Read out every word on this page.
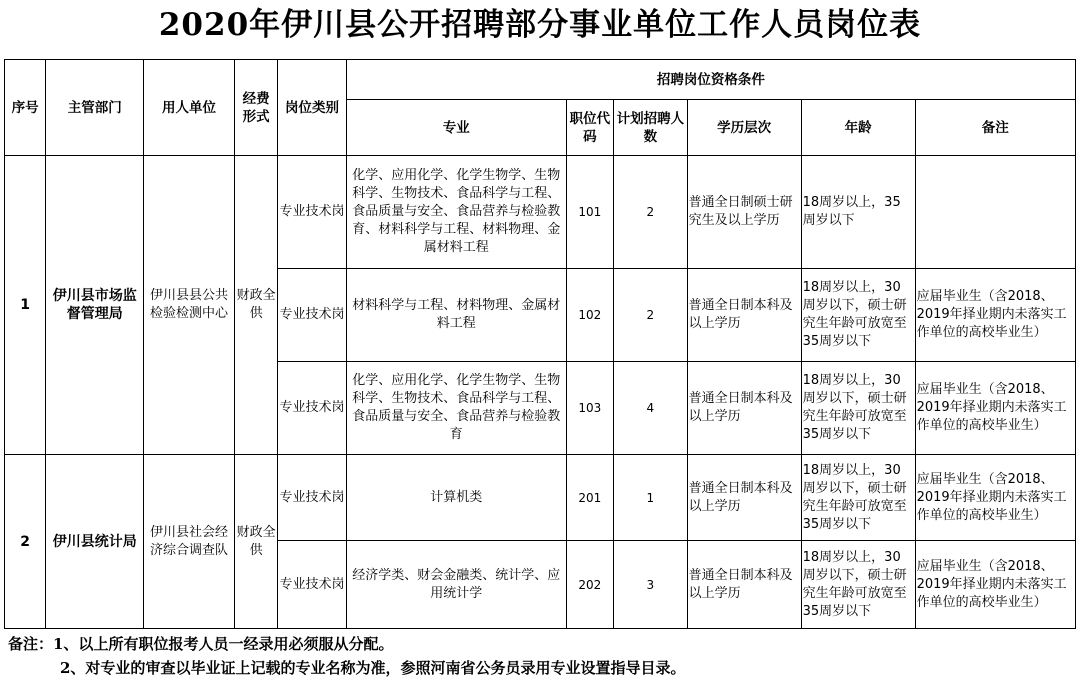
2020年伊川县公开招聘部分事业单位工作人员岗位表
序号	主管部门	用人单位	经费形式	岗位类别	招聘岗位资格条件					
					专业	职位代码	计划招聘人数	学历层次	年龄	备注
1	伊川县市场监督管理局	伊川县县公共检验检测中心	财政全供	专业技术岗	化学、应用化学、化学生物学、生物科学、生物技术、食品科学与工程、食品质量与安全、食品营养与检验教育、材料科学与工程、材料物理、金属材料工程	101	2	普通全日制硕士研究生及以上学历	18周岁以上，35周岁以下	
				专业技术岗	材料科学与工程、材料物理、金属材料工程	102	2	普通全日制本科及以上学历	18周岁以上，30周岁以下，硕士研究生年龄可放宽至35周岁以下	应届毕业生（含2018、2019年择业期内未落实工作单位的高校毕业生）
				专业技术岗	化学、应用化学、化学生物学、生物科学、生物技术、食品科学与工程、食品质量与安全、食品营养与检验教育	103	4	普通全日制本科及以上学历	18周岁以上，30周岁以下，硕士研究生年龄可放宽至35周岁以下	应届毕业生（含2018、2019年择业期内未落实工作单位的高校毕业生）
2	伊川县统计局	伊川县社会经济综合调查队	财政全供	专业技术岗	计算机类	201	1	普通全日制本科及以上学历	18周岁以上，30周岁以下，硕士研究生年龄可放宽至35周岁以下	应届毕业生（含2018、2019年择业期内未落实工作单位的高校毕业生）
				专业技术岗	经济学类、财会金融类、统计学、应用统计学	202	3	普通全日制本科及以上学历	18周岁以上，30周岁以下，硕士研究生年龄可放宽至35周岁以下	应届毕业生（含2018、2019年择业期内未落实工作单位的高校毕业生）
备注：1、以上所有职位报考人员一经录用必须服从分配。
2、对专业的审查以毕业证上记载的专业名称为准，参照河南省公务员录用专业设置指导目录。
